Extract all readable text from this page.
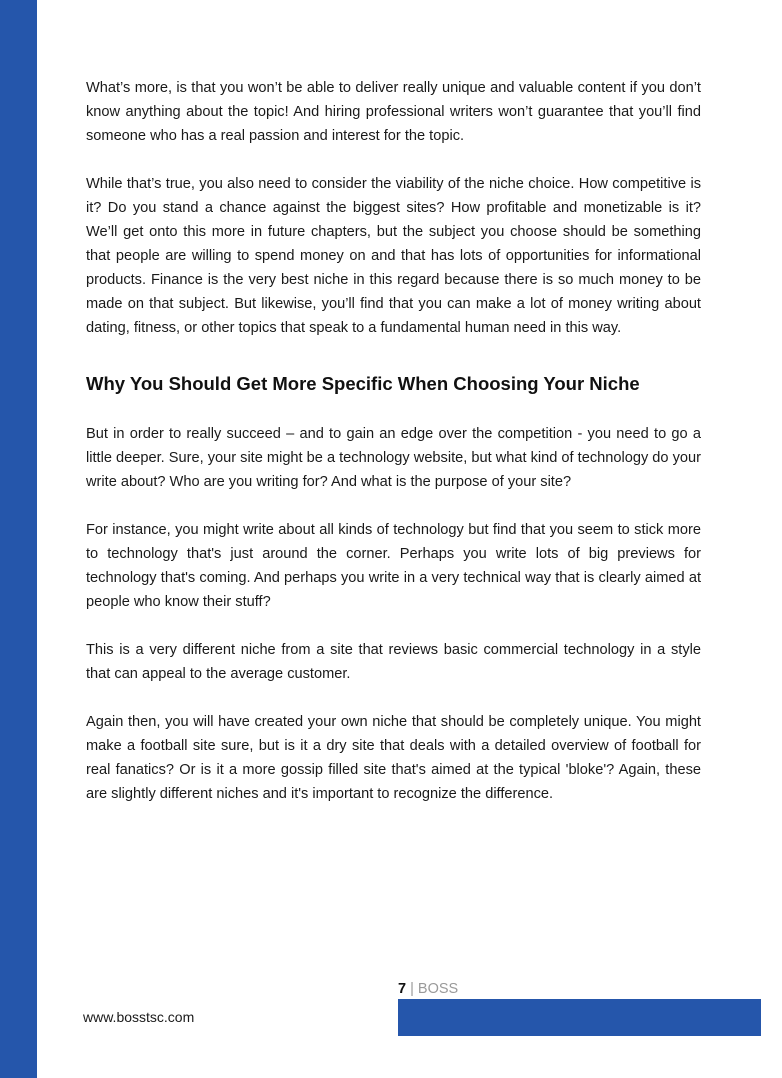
What’s more, is that you won’t be able to deliver really unique and valuable content if you don’t know anything about the topic! And hiring professional writers won’t guarantee that you’ll find someone who has a real passion and interest for the topic.

While that’s true, you also need to consider the viability of the niche choice. How competitive is it? Do you stand a chance against the biggest sites? How profitable and monetizable is it? We’ll get onto this more in future chapters, but the subject you choose should be something that people are willing to spend money on and that has lots of opportunities for informational products. Finance is the very best niche in this regard because there is so much money to be made on that subject. But likewise, you’ll find that you can make a lot of money writing about dating, fitness, or other topics that speak to a fundamental human need in this way.

Why You Should Get More Specific When Choosing Your Niche

But in order to really succeed – and to gain an edge over the competition - you need to go a little deeper. Sure, your site might be a technology website, but what kind of technology do your write about? Who are you writing for? And what is the purpose of your site?

For instance, you might write about all kinds of technology but find that you seem to stick more to technology that's just around the corner. Perhaps you write lots of big previews for technology that's coming. And perhaps you write in a very technical way that is clearly aimed at people who know their stuff?

This is a very different niche from a site that reviews basic commercial technology in a style that can appeal to the average customer.

Again then, you will have created your own niche that should be completely unique. You might make a football site sure, but is it a dry site that deals with a detailed overview of football for real fanatics? Or is it a more gossip filled site that's aimed at the typical 'bloke'? Again, these are slightly different niches and it's important to recognize the difference.

7 | BOSS
www.bosstsc.com
